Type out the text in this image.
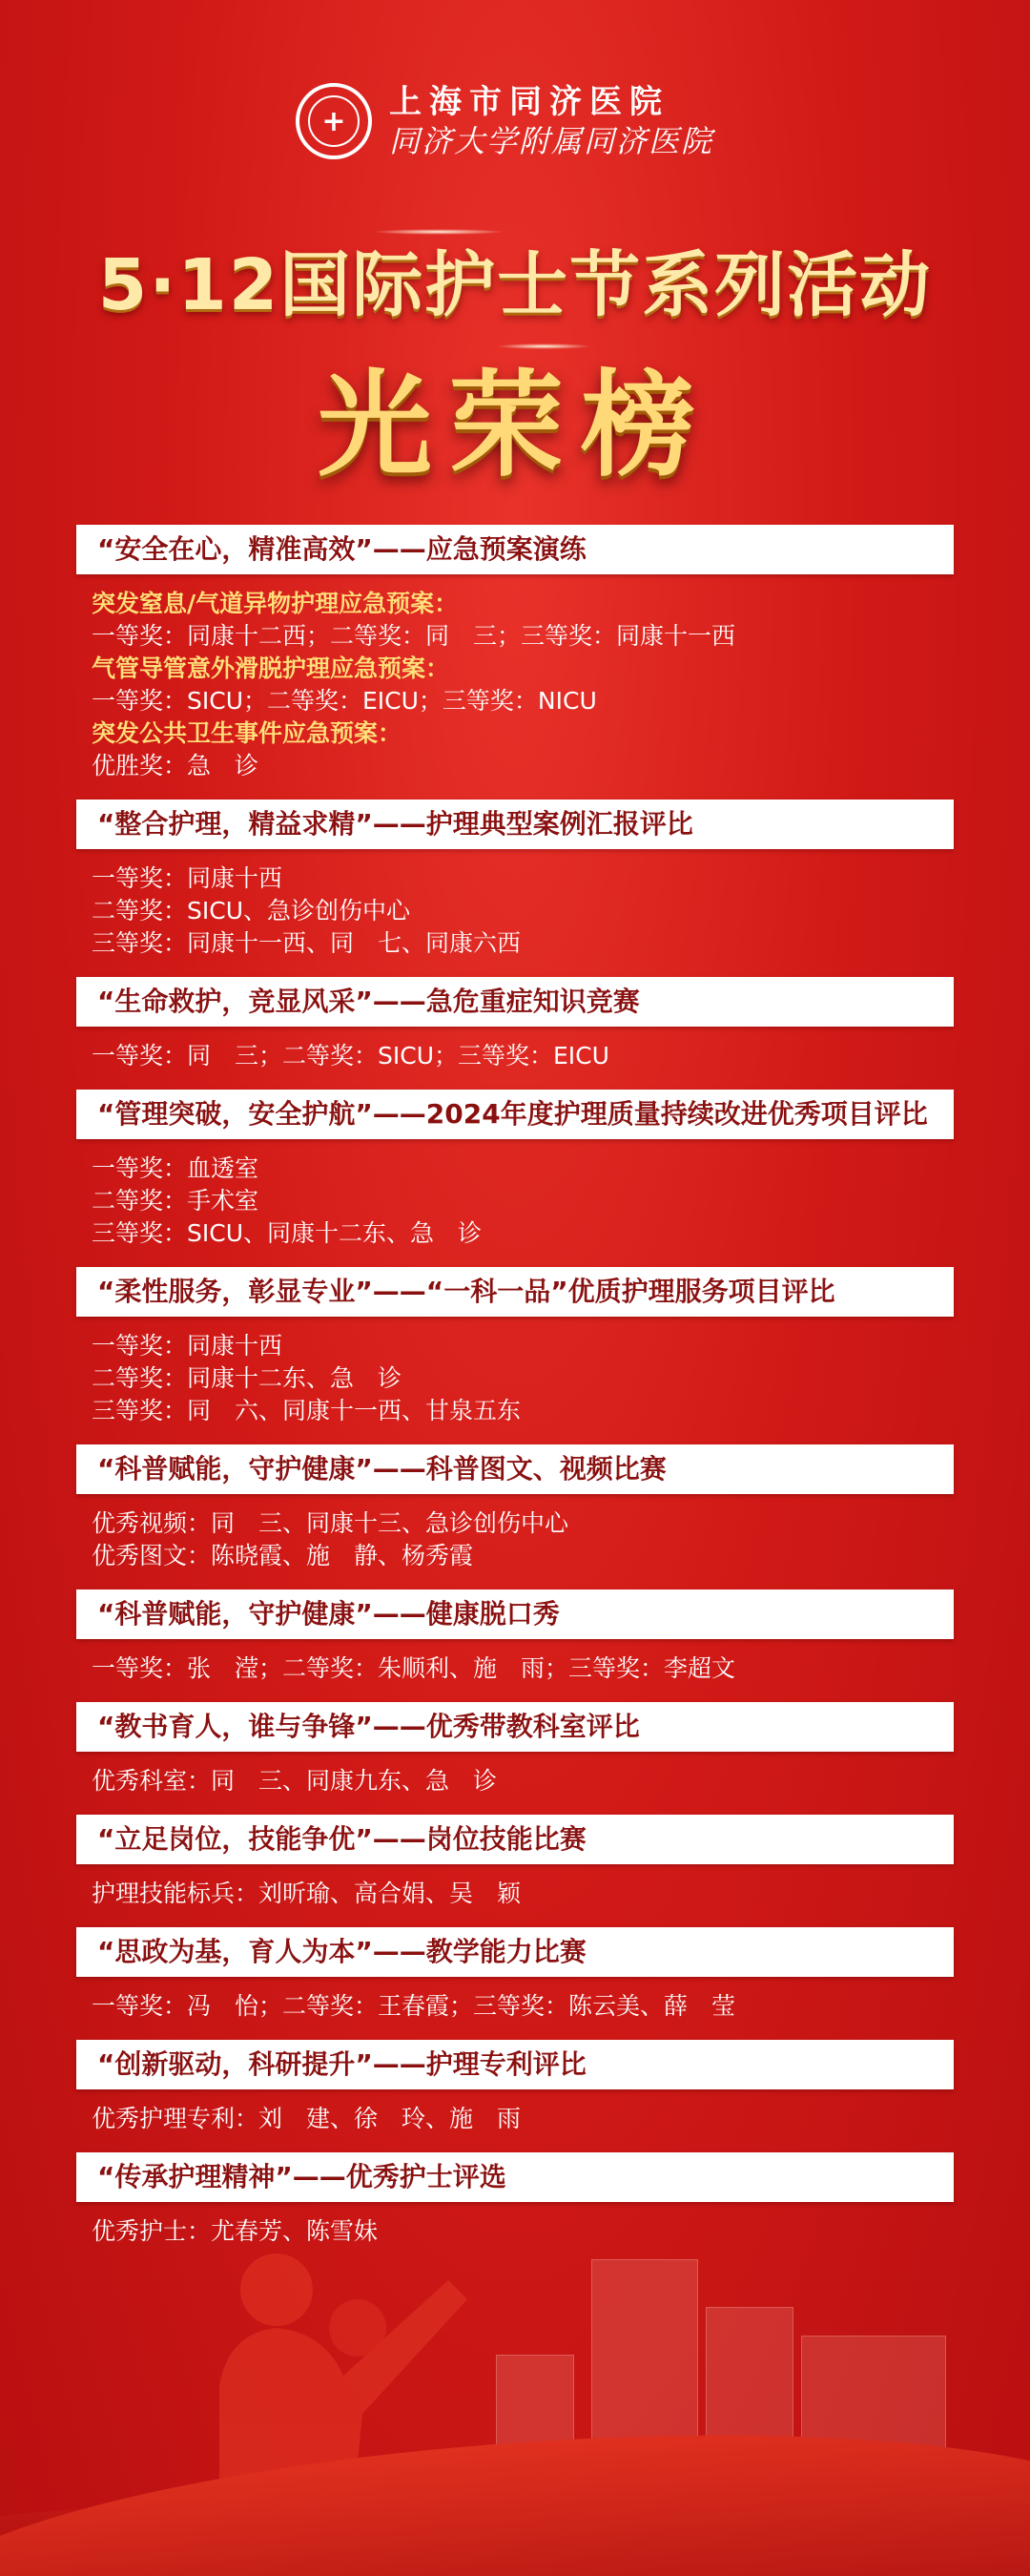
+	上海市同济医院
同济大学附属同济医院
5·12国际护士节系列活动
光荣榜
“安全在心，精准高效”——应急预案演练
突发窒息/气道异物护理应急预案：
一等奖：同康十二西；二等奖：同　三；三等奖：同康十一西
气管导管意外滑脱护理应急预案：
一等奖：SICU；二等奖：EICU；三等奖：NICU
突发公共卫生事件应急预案：
优胜奖：急　诊
“整合护理，精益求精”——护理典型案例汇报评比
一等奖：同康十西
二等奖：SICU、急诊创伤中心
三等奖：同康十一西、同　七、同康六西
“生命救护，竞显风采”——急危重症知识竞赛
一等奖：同　三；二等奖：SICU；三等奖：EICU
“管理突破，安全护航”——2024年度护理质量持续改进优秀项目评比
一等奖：血透室
二等奖：手术室
三等奖：SICU、同康十二东、急　诊
“柔性服务，彰显专业”——“一科一品”优质护理服务项目评比
一等奖：同康十西
二等奖：同康十二东、急　诊
三等奖：同　六、同康十一西、甘泉五东
“科普赋能，守护健康”——科普图文、视频比赛
优秀视频：同　三、同康十三、急诊创伤中心
优秀图文：陈晓霞、施　静、杨秀霞
“科普赋能，守护健康”——健康脱口秀
一等奖：张　滢；二等奖：朱顺利、施　雨；三等奖：李超文
“教书育人，谁与争锋”——优秀带教科室评比
优秀科室：同　三、同康九东、急　诊
“立足岗位，技能争优”——岗位技能比赛
护理技能标兵：刘昕瑜、高合娟、吴　颖
“思政为基，育人为本”——教学能力比赛
一等奖：冯　怡；二等奖：王春霞；三等奖：陈云美、薛　莹
“创新驱动，科研提升”——护理专利评比
优秀护理专利：刘　建、徐　玲、施　雨
“传承护理精神”——优秀护士评选
优秀护士：尤春芳、陈雪妹
